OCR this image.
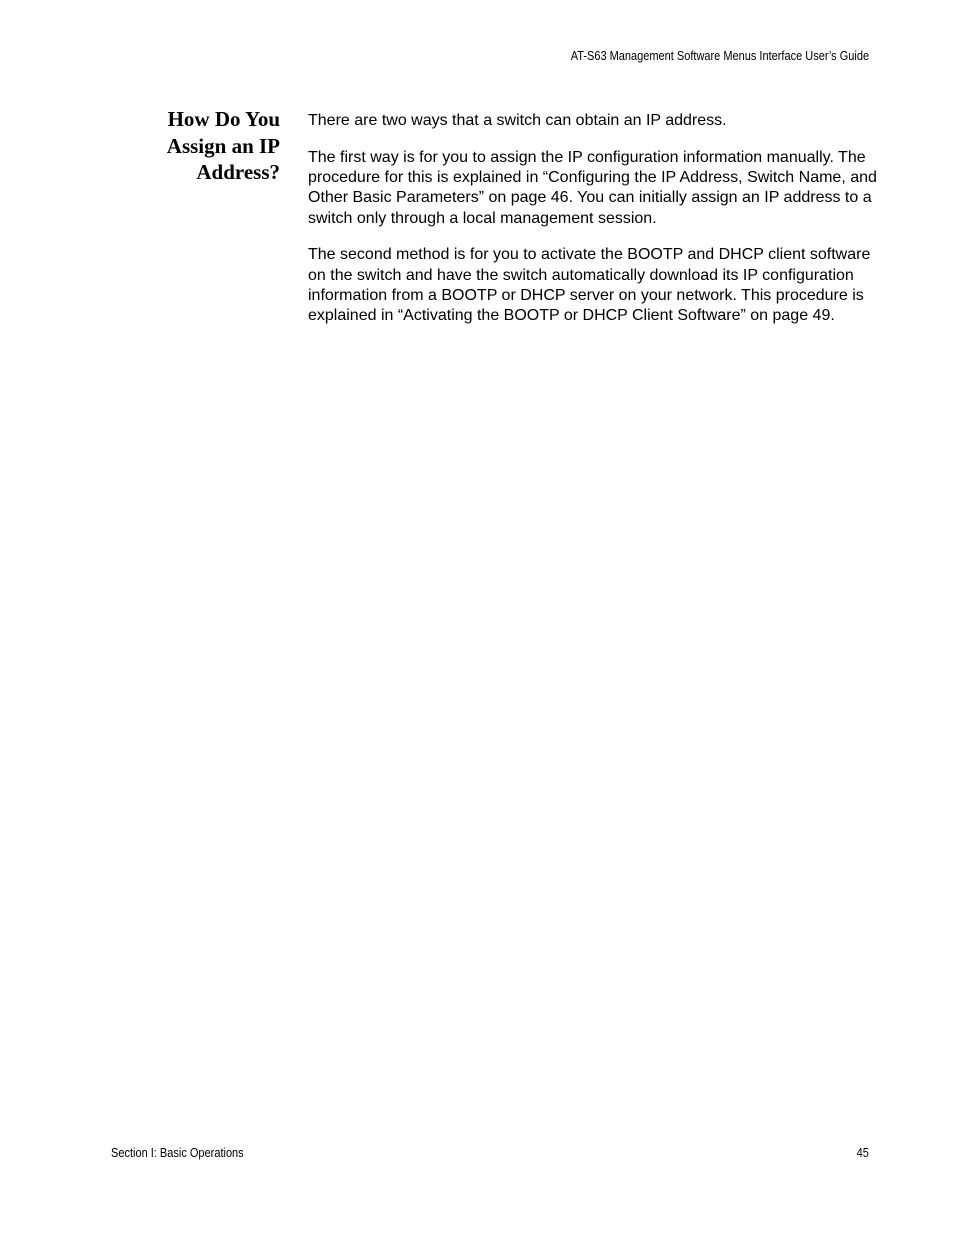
AT-S63 Management Software Menus Interface User’s Guide
How Do You
Assign an IP
Address?

There are two ways that a switch can obtain an IP address.

The first way is for you to assign the IP configuration information manually. The procedure for this is explained in “Configuring the IP Address, Switch Name, and Other Basic Parameters” on page 46. You can initially assign an IP address to a switch only through a local management session.

The second method is for you to activate the BOOTP and DHCP client software on the switch and have the switch automatically download its IP configuration information from a BOOTP or DHCP server on your network. This procedure is explained in “Activating the BOOTP or DHCP Client Software” on page 49.

Section I: Basic Operations	45
